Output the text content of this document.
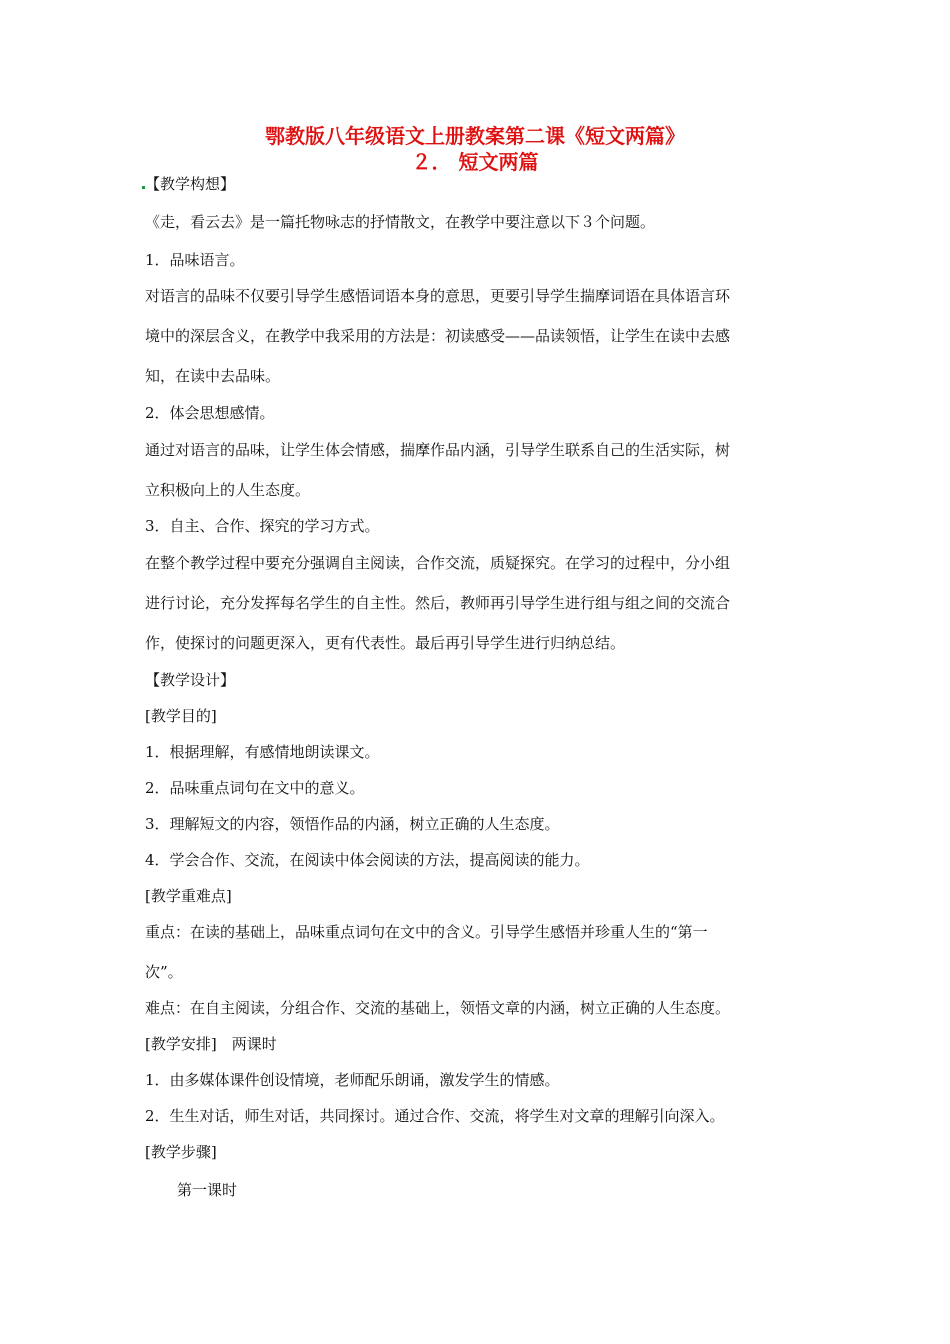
鄂教版八年级语文上册教案第二课《短文两篇》
２． 短文两篇
【教学构想】
《走，看云去》是一篇托物咏志的抒情散文，在教学中要注意以下３个问题。
1．品味语言。
对语言的品味不仅要引导学生感悟词语本身的意思，更要引导学生揣摩词语在具体语言环
境中的深层含义，在教学中我采用的方法是：初读感受——品读领悟，让学生在读中去感
知，在读中去品味。
2．体会思想感情。
通过对语言的品味，让学生体会情感，揣摩作品内涵，引导学生联系自己的生活实际，树
立积极向上的人生态度。
3．自主、合作、探究的学习方式。
在整个教学过程中要充分强调自主阅读，合作交流，质疑探究。在学习的过程中，分小组
进行讨论，充分发挥每名学生的自主性。然后，教师再引导学生进行组与组之间的交流合
作，使探讨的问题更深入，更有代表性。最后再引导学生进行归纳总结。
【教学设计】
[教学目的]
1．根据理解，有感情地朗读课文。
2．品味重点词句在文中的意义。
3．理解短文的内容，领悟作品的内涵，树立正确的人生态度。
4．学会合作、交流，在阅读中体会阅读的方法，提高阅读的能力。
[教学重难点]
重点：在读的基础上，品味重点词句在文中的含义。引导学生感悟并珍重人生的“第一
次”。
难点：在自主阅读，分组合作、交流的基础上，领悟文章的内涵，树立正确的人生态度。
[教学安排]　两课时
1．由多媒体课件创设情境，老师配乐朗诵，激发学生的情感。
2．生生对话，师生对话，共同探讨。通过合作、交流，将学生对文章的理解引向深入。
[教学步骤]
第一课时
